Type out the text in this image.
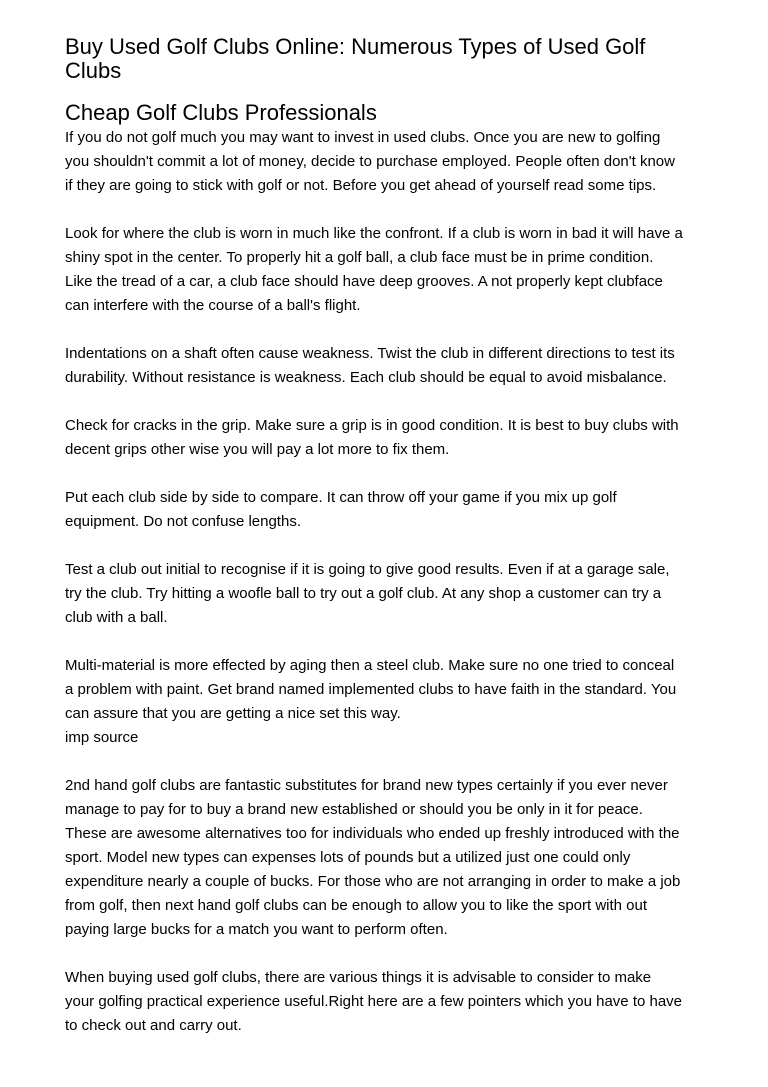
Buy Used Golf Clubs Online: Numerous Types of Used Golf
Clubs
Cheap Golf Clubs Professionals

If you do not golf much you may want to invest in used clubs. Once you are new to golfing
you shouldn't commit a lot of money, decide to purchase employed. People often don't know
if they are going to stick with golf or not. Before you get ahead of yourself read some tips.

Look for where the club is worn in much like the confront. If a club is worn in bad it will have a
shiny spot in the center. To properly hit a golf ball, a club face must be in prime condition.
Like the tread of a car, a club face should have deep grooves. A not properly kept clubface
can interfere with the course of a ball's flight.

Indentations on a shaft often cause weakness. Twist the club in different directions to test its
durability. Without resistance is weakness. Each club should be equal to avoid misbalance.

Check for cracks in the grip. Make sure a grip is in good condition. It is best to buy clubs with
decent grips other wise you will pay a lot more to fix them.

Put each club side by side to compare. It can throw off your game if you mix up golf
equipment. Do not confuse lengths.

Test a club out initial to recognise if it is going to give good results. Even if at a garage sale,
try the club. Try hitting a woofle ball to try out a golf club. At any shop a customer can try a
club with a ball.

Multi-material is more effected by aging then a steel club. Make sure no one tried to conceal
a problem with paint. Get brand named implemented clubs to have faith in the standard. You
can assure that you are getting a nice set this way.
imp source

2nd hand golf clubs are fantastic substitutes for brand new types certainly if you ever never
manage to pay for to buy a brand new established or should you be only in it for peace.
These are awesome alternatives too for individuals who ended up freshly introduced with the
sport. Model new types can expenses lots of pounds but a utilized just one could only
expenditure nearly a couple of bucks. For those who are not arranging in order to make a job
from golf, then next hand golf clubs can be enough to allow you to like the sport with out
paying large bucks for a match you want to perform often.

When buying used golf clubs, there are various things it is advisable to consider to make
your golfing practical experience useful.Right here are a few pointers which you have to have
to check out and carry out.
